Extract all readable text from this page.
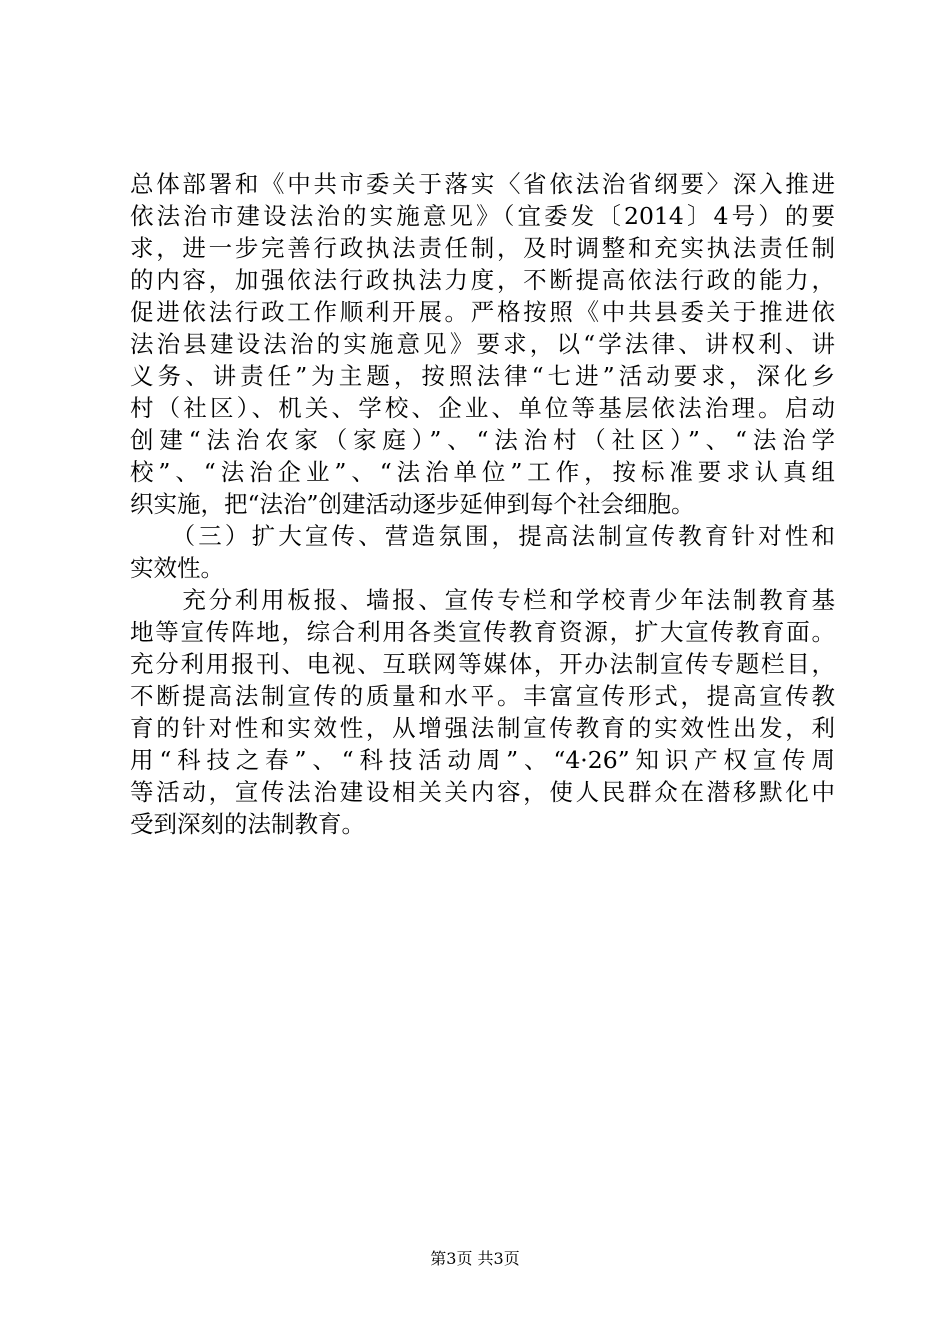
总体部署和《中共市委关于落实〈省依法治省纲要〉深入推进
依法治市建设法治的实施意见》（宜委发〔2014〕4号）的要
求，进一步完善行政执法责任制，及时调整和充实执法责任制
的内容，加强依法行政执法力度，不断提高依法行政的能力，
促进依法行政工作顺利开展。严格按照《中共县委关于推进依
法治县建设法治的实施意见》要求，以“学法律、讲权利、讲
义务、讲责任”为主题，按照法律“七进”活动要求，深化乡
村（社区）、机关、学校、企业、单位等基层依法治理。启动
创建“法治农家（家庭）”、“法治村（社区）”、“法治学
校”、“法治企业”、“法治单位”工作，按标准要求认真组
织实施，把“法治”创建活动逐步延伸到每个社会细胞。
　　（三）扩大宣传、营造氛围，提高法制宣传教育针对性和
实效性。
　　充分利用板报、墙报、宣传专栏和学校青少年法制教育基
地等宣传阵地，综合利用各类宣传教育资源，扩大宣传教育面。
充分利用报刊、电视、互联网等媒体，开办法制宣传专题栏目，
不断提高法制宣传的质量和水平。丰富宣传形式，提高宣传教
育的针对性和实效性，从增强法制宣传教育的实效性出发，利
用“科技之春”、“科技活动周”、“4·26”知识产权宣传周
等活动，宣传法治建设相关关内容，使人民群众在潜移默化中
受到深刻的法制教育。
第3页 共3页
